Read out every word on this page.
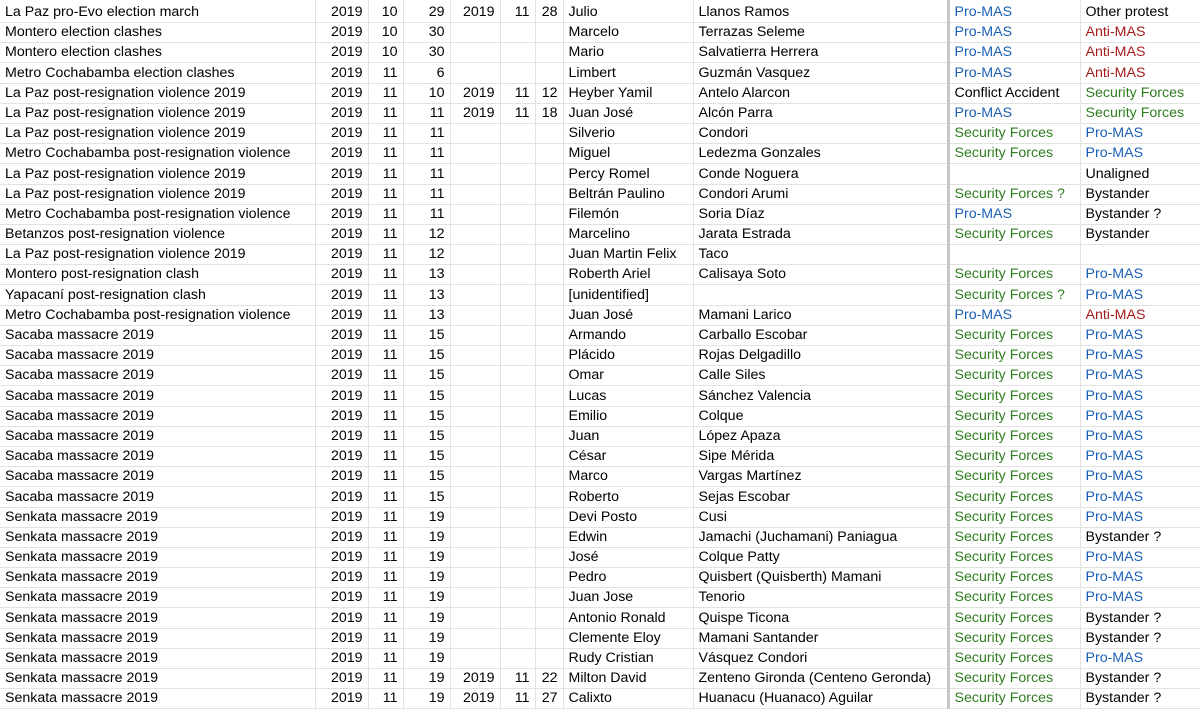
La Paz pro-Evo election march	2019	10	29	2019	11	28	Julio	Llanos Ramos	Pro-MAS	Other protest
Montero election clashes	2019	10	30				Marcelo	Terrazas Seleme	Pro-MAS	Anti-MAS
Montero election clashes	2019	10	30				Mario	Salvatierra Herrera	Pro-MAS	Anti-MAS
Metro Cochabamba election clashes	2019	11	6				Limbert	Guzmán Vasquez	Pro-MAS	Anti-MAS
La Paz post-resignation violence 2019	2019	11	10	2019	11	12	Heyber Yamil	Antelo Alarcon	Conflict Accident	Security Forces
La Paz post-resignation violence 2019	2019	11	11	2019	11	18	Juan José	Alcón Parra	Pro-MAS	Security Forces
La Paz post-resignation violence 2019	2019	11	11				Silverio	Condori	Security Forces	Pro-MAS
Metro Cochabamba post-resignation violence	2019	11	11				Miguel	Ledezma Gonzales	Security Forces	Pro-MAS
La Paz post-resignation violence 2019	2019	11	11				Percy Romel	Conde Noguera		Unaligned
La Paz post-resignation violence 2019	2019	11	11				Beltrán Paulino	Condori Arumi	Security Forces ?	Bystander
Metro Cochabamba post-resignation violence	2019	11	11				Filemón	Soria Díaz	Pro-MAS	Bystander ?
Betanzos post-resignation violence	2019	11	12				Marcelino	Jarata Estrada	Security Forces	Bystander
La Paz post-resignation violence 2019	2019	11	12				Juan Martin Felix	Taco		
Montero post-resignation clash	2019	11	13				Roberth Ariel	Calisaya Soto	Security Forces	Pro-MAS
Yapacaní post-resignation clash	2019	11	13				[unidentified]		Security Forces ?	Pro-MAS
Metro Cochabamba post-resignation violence	2019	11	13				Juan José	Mamani Larico	Pro-MAS	Anti-MAS
Sacaba massacre 2019	2019	11	15				Armando	Carballo Escobar	Security Forces	Pro-MAS
Sacaba massacre 2019	2019	11	15				Plácido	Rojas Delgadillo	Security Forces	Pro-MAS
Sacaba massacre 2019	2019	11	15				Omar	Calle Siles	Security Forces	Pro-MAS
Sacaba massacre 2019	2019	11	15				Lucas	Sánchez Valencia	Security Forces	Pro-MAS
Sacaba massacre 2019	2019	11	15				Emilio	Colque	Security Forces	Pro-MAS
Sacaba massacre 2019	2019	11	15				Juan	López Apaza	Security Forces	Pro-MAS
Sacaba massacre 2019	2019	11	15				César	Sipe Mérida	Security Forces	Pro-MAS
Sacaba massacre 2019	2019	11	15				Marco	Vargas Martínez	Security Forces	Pro-MAS
Sacaba massacre 2019	2019	11	15				Roberto	Sejas Escobar	Security Forces	Pro-MAS
Senkata massacre 2019	2019	11	19				Devi Posto	Cusi	Security Forces	Pro-MAS
Senkata massacre 2019	2019	11	19				Edwin	Jamachi (Juchamani) Paniagua	Security Forces	Bystander ?
Senkata massacre 2019	2019	11	19				José	Colque Patty	Security Forces	Pro-MAS
Senkata massacre 2019	2019	11	19				Pedro	Quisbert (Quisberth) Mamani	Security Forces	Pro-MAS
Senkata massacre 2019	2019	11	19				Juan Jose	Tenorio	Security Forces	Pro-MAS
Senkata massacre 2019	2019	11	19				Antonio Ronald	Quispe Ticona	Security Forces	Bystander ?
Senkata massacre 2019	2019	11	19				Clemente Eloy	Mamani Santander	Security Forces	Bystander ?
Senkata massacre 2019	2019	11	19				Rudy Cristian	Vásquez Condori	Security Forces	Pro-MAS
Senkata massacre 2019	2019	11	19	2019	11	22	Milton David	Zenteno Gironda (Centeno Geronda)	Security Forces	Bystander ?
Senkata massacre 2019	2019	11	19	2019	11	27	Calixto	Huanacu (Huanaco) Aguilar	Security Forces	Bystander ?
